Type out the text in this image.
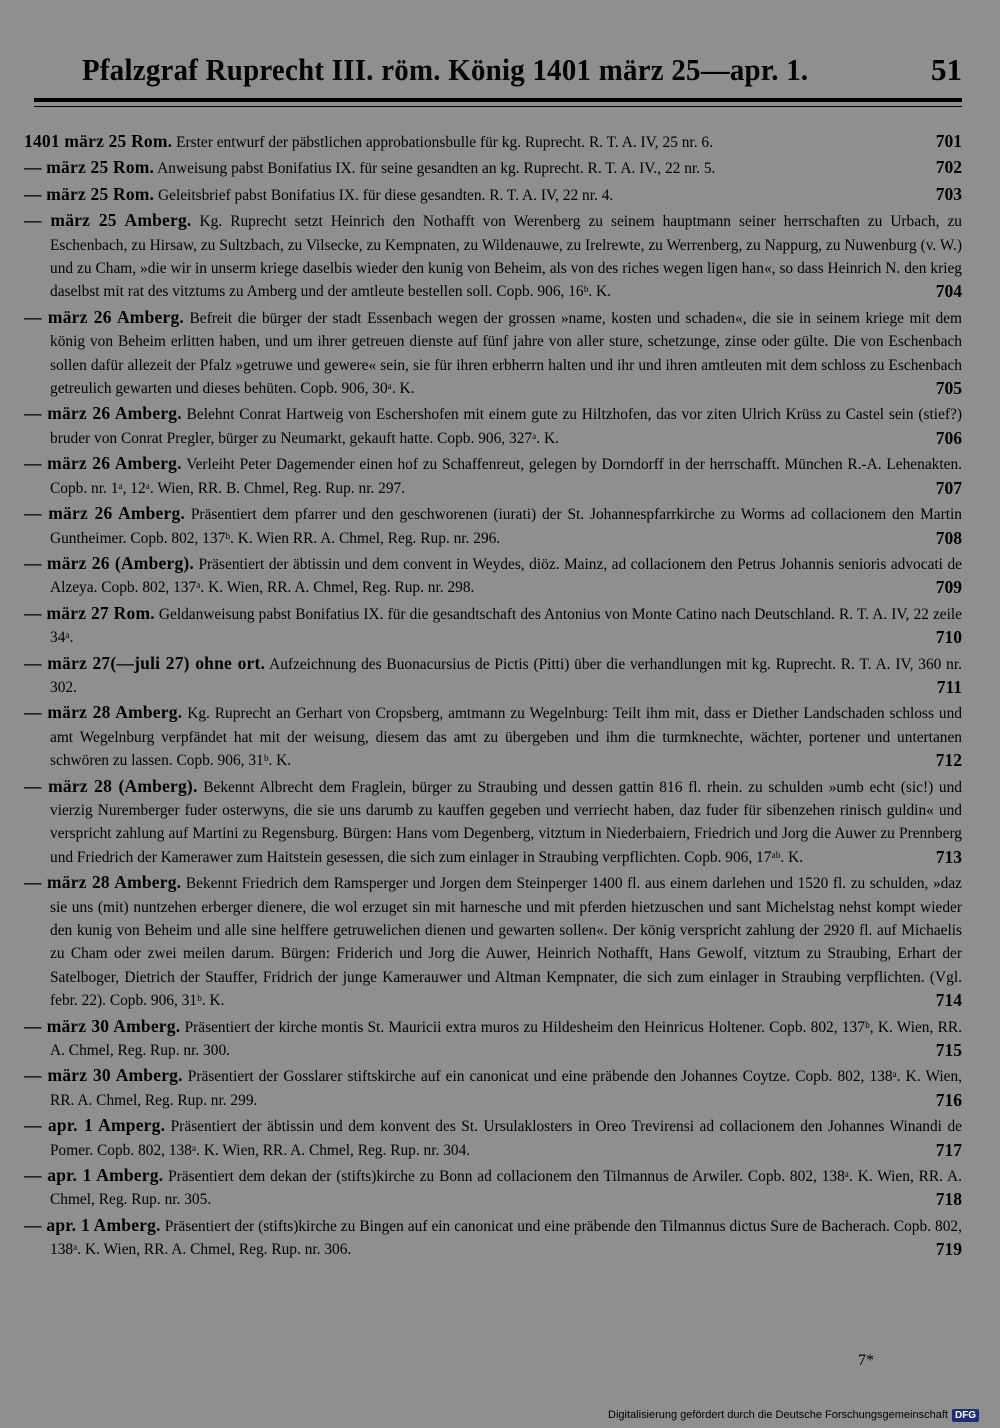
Pfalzgraf Ruprecht III. röm. König 1401 märz 25—apr. 1.	51

1401 märz 25 Rom. Erster entwurf der päbstlichen approbationsbulle für kg. Ruprecht. R. T. A. IV, 25 nr. 6.	701

— märz 25 Rom. Anweisung pabst Bonifatius IX. für seine gesandten an kg. Ruprecht. R. T. A. IV., 22 nr. 5.	702

— märz 25 Rom. Geleitsbrief pabst Bonifatius IX. für diese gesandten. R. T. A. IV, 22 nr. 4.	703

— märz 25 Amberg. Kg. Ruprecht setzt Heinrich den Nothafft von Werenberg zu seinem hauptmann seiner herrschaften zu Urbach, zu Eschenbach, zu Hirsaw, zu Sultzbach, zu Vilsecke, zu Kempnaten, zu Wildenauwe, zu Irelrewte, zu Werrenberg, zu Nappurg, zu Nuwenburg (v. W.) und zu Cham, »die wir in unserm kriege daselbis wieder den kunig von Beheim, als von des riches wegen ligen han«, so dass Heinrich N. den krieg daselbst mit rat des vitztums zu Amberg und der amtleute bestellen soll. Copb. 906, 16ᵇ. K.	704

— märz 26 Amberg. Befreit die bürger der stadt Essenbach wegen der grossen »name, kosten und schaden«, die sie in seinem kriege mit dem könig von Beheim erlitten haben, und um ihrer getreuen dienste auf fünf jahre von aller sture, schetzunge, zinse oder gülte. Die von Eschenbach sollen dafür allezeit der Pfalz »getruwe und gewere« sein, sie für ihren erbherrn halten und ihr und ihren amtleuten mit dem schloss zu Eschenbach getreulich gewarten und dieses behüten. Copb. 906, 30ᵃ. K.	705

— märz 26 Amberg. Belehnt Conrat Hartweig von Eschershofen mit einem gute zu Hiltzhofen, das vor ziten Ulrich Krüss zu Castel sein (stief?) bruder von Conrat Pregler, bürger zu Neumarkt, gekauft hatte. Copb. 906, 327ᵃ. K.	706

— märz 26 Amberg. Verleiht Peter Dagemender einen hof zu Schaffenreut, gelegen by Dorndorff in der herrschafft. München R.-A. Lehenakten. Copb. nr. 1ᵃ, 12ᵃ. Wien, RR. B. Chmel, Reg. Rup. nr. 297.	707

— märz 26 Amberg. Präsentiert dem pfarrer und den geschworenen (iurati) der St. Johannespfarrkirche zu Worms ad collacionem den Martin Guntheimer. Copb. 802, 137ᵇ. K. Wien RR. A. Chmel, Reg. Rup. nr. 296.	708

— märz 26 (Amberg). Präsentiert der äbtissin und dem convent in Weydes, diöz. Mainz, ad collacionem den Petrus Johannis senioris advocati de Alzeya. Copb. 802, 137ᵃ. K. Wien, RR. A. Chmel, Reg. Rup. nr. 298.	709

— märz 27 Rom. Geldanweisung pabst Bonifatius IX. für die gesandtschaft des Antonius von Monte Catino nach Deutschland. R. T. A. IV, 22 zeile 34ᵃ.	710

— märz 27(—juli 27) ohne ort. Aufzeichnung des Buonacursius de Pictis (Pitti) über die verhandlungen mit kg. Ruprecht. R. T. A. IV, 360 nr. 302.	711

— märz 28 Amberg. Kg. Ruprecht an Gerhart von Cropsberg, amtmann zu Wegelnburg: Teilt ihm mit, dass er Diether Landschaden schloss und amt Wegelnburg verpfändet hat mit der weisung, diesem das amt zu übergeben und ihm die turmknechte, wächter, portener und untertanen schwören zu lassen. Copb. 906, 31ᵇ. K.	712

— märz 28 (Amberg). Bekennt Albrecht dem Fraglein, bürger zu Straubing und dessen gattin 816 fl. rhein. zu schulden »umb echt (sic!) und vierzig Nuremberger fuder osterwyns, die sie uns darumb zu kauffen gegeben und verriecht haben, daz fuder für sibenzehen rinisch guldin« und verspricht zahlung auf Martini zu Regensburg. Bürgen: Hans vom Degenberg, vitztum in Niederbaiern, Friedrich und Jorg die Auwer zu Prennberg und Friedrich der Kamerawer zum Haitstein gesessen, die sich zum einlager in Straubing verpflichten. Copb. 906, 17ᵃᵇ. K.	713

— märz 28 Amberg. Bekennt Friedrich dem Ramsperger und Jorgen dem Steinperger 1400 fl. aus einem darlehen und 1520 fl. zu schulden, »daz sie uns (mit) nuntzehen erberger dienere, die wol erzuget sin mit harnesche und mit pferden hietzuschen und sant Michelstag nehst kompt wieder den kunig von Beheim und alle sine helffere getruwelichen dienen und gewarten sollen«. Der könig verspricht zahlung der 2920 fl. auf Michaelis zu Cham oder zwei meilen darum. Bürgen: Friderich und Jorg die Auwer, Heinrich Nothafft, Hans Gewolf, vitztum zu Straubing, Erhart der Satelboger, Dietrich der Stauffer, Fridrich der junge Kamerauwer und Altman Kempnater, die sich zum einlager in Straubing verpflichten. (Vgl. febr. 22). Copb. 906, 31ᵇ. K.	714

— märz 30 Amberg. Präsentiert der kirche montis St. Mauricii extra muros zu Hildesheim den Heinricus Holtener. Copb. 802, 137ᵇ, K. Wien, RR. A. Chmel, Reg. Rup. nr. 300.	715

— märz 30 Amberg. Präsentiert der Gosslarer stiftskirche auf ein canonicat und eine präbende den Johannes Coytze. Copb. 802, 138ᵃ. K. Wien, RR. A. Chmel, Reg. Rup. nr. 299.	716

— apr. 1 Amperg. Präsentiert der äbtissin und dem konvent des St. Ursulaklosters in Oreo Trevirensi ad collacionem den Johannes Winandi de Pomer. Copb. 802, 138ᵃ. K. Wien, RR. A. Chmel, Reg. Rup. nr. 304.	717

— apr. 1 Amberg. Präsentiert dem dekan der (stifts)kirche zu Bonn ad collacionem den Tilmannus de Arwiler. Copb. 802, 138ᵃ. K. Wien, RR. A. Chmel, Reg. Rup. nr. 305.	718

— apr. 1 Amberg. Präsentiert der (stifts)kirche zu Bingen auf ein canonicat und eine präbende den Tilmannus dictus Sure de Bacherach. Copb. 802, 138ᵃ. K. Wien, RR. A. Chmel, Reg. Rup. nr. 306.	719

7*
Digitalisierung gefördert durch die Deutsche Forschungsgemeinschaft DFG
